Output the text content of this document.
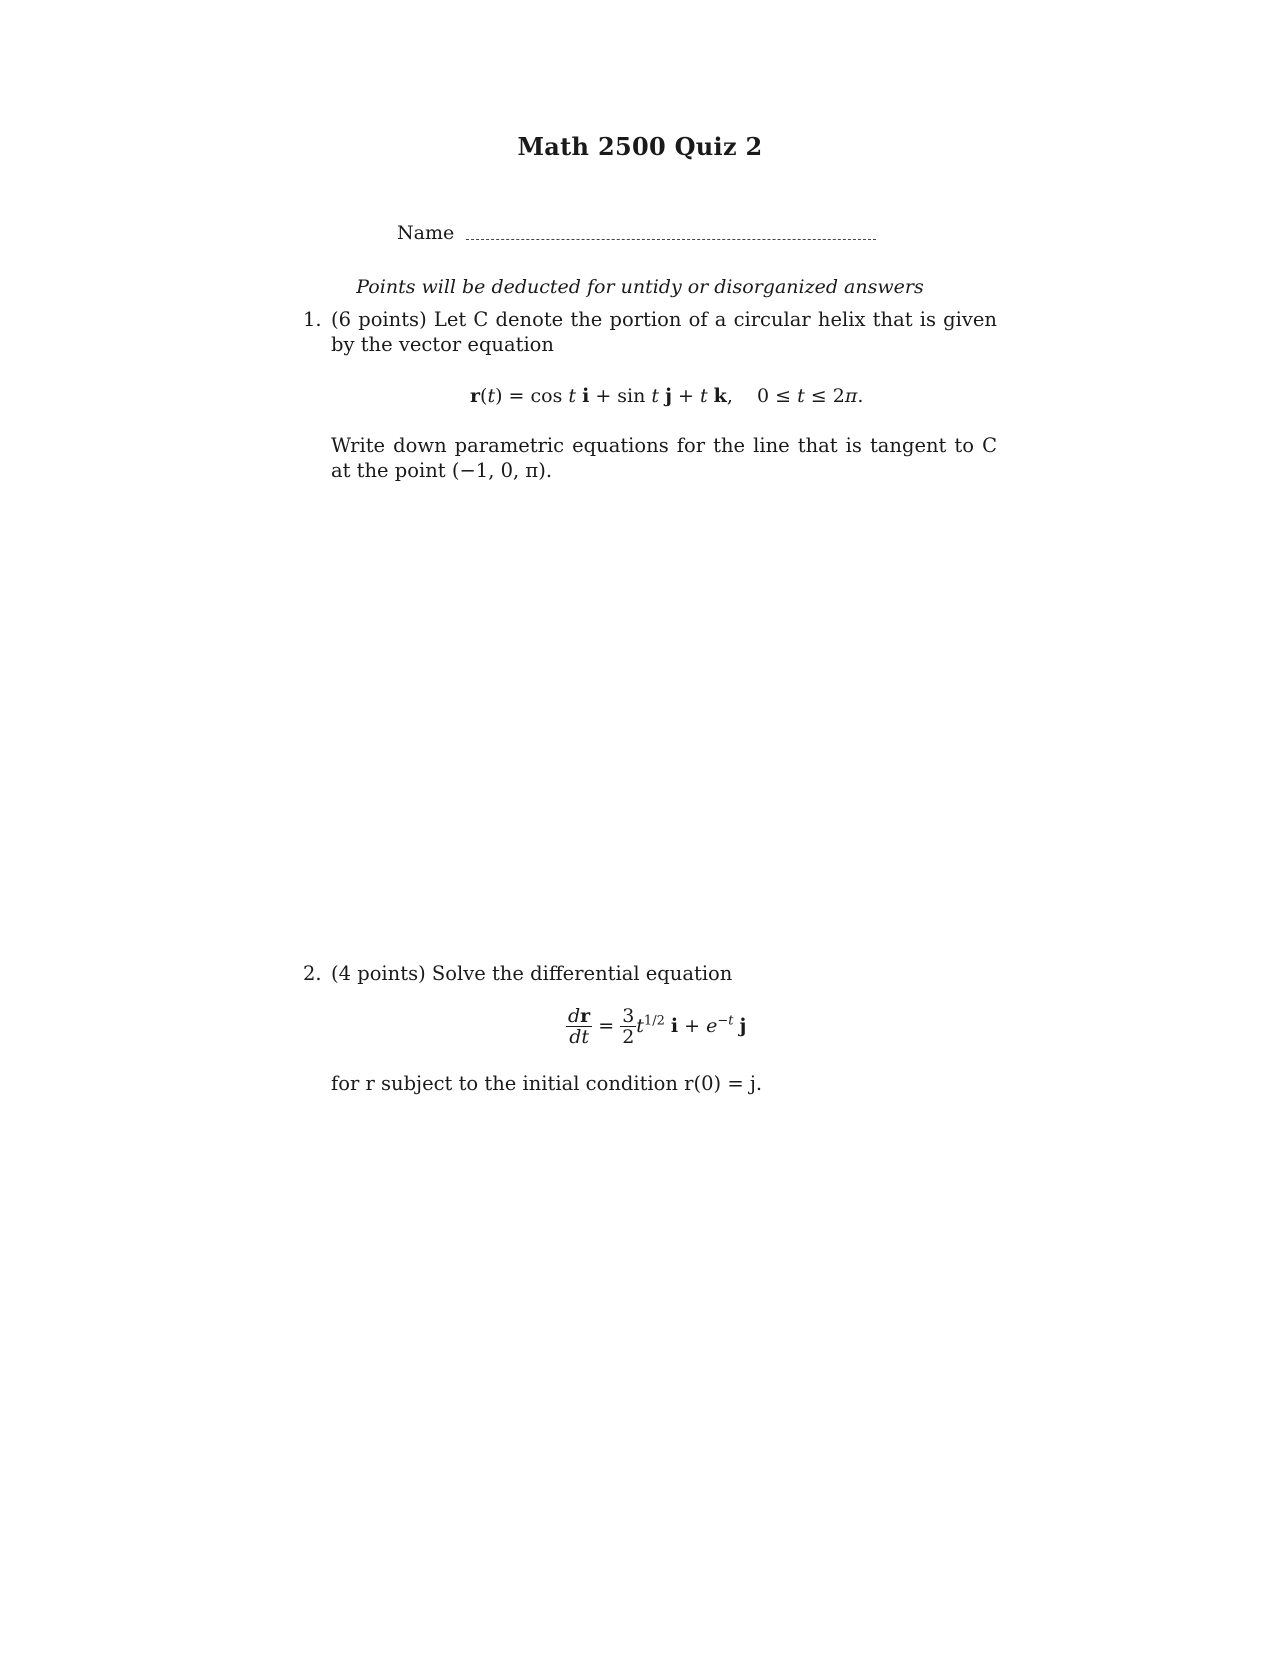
Math 2500 Quiz 2
Name
Points will be deducted for untidy or disorganized answers
1. (6 points) Let C denote the portion of a circular helix that is given by the vector equation
r(t) = cos t i + sin t j + t k,    0 ≤ t ≤ 2π.
Write down parametric equations for the line that is tangent to C at the point (−1, 0, π).
2. (4 points) Solve the differential equation
$\frac{dr}{dt} = \frac{3}{2} t^{1/2}$ $i + e^{-t}$ j
for r subject to the initial condition r(0) = j.
